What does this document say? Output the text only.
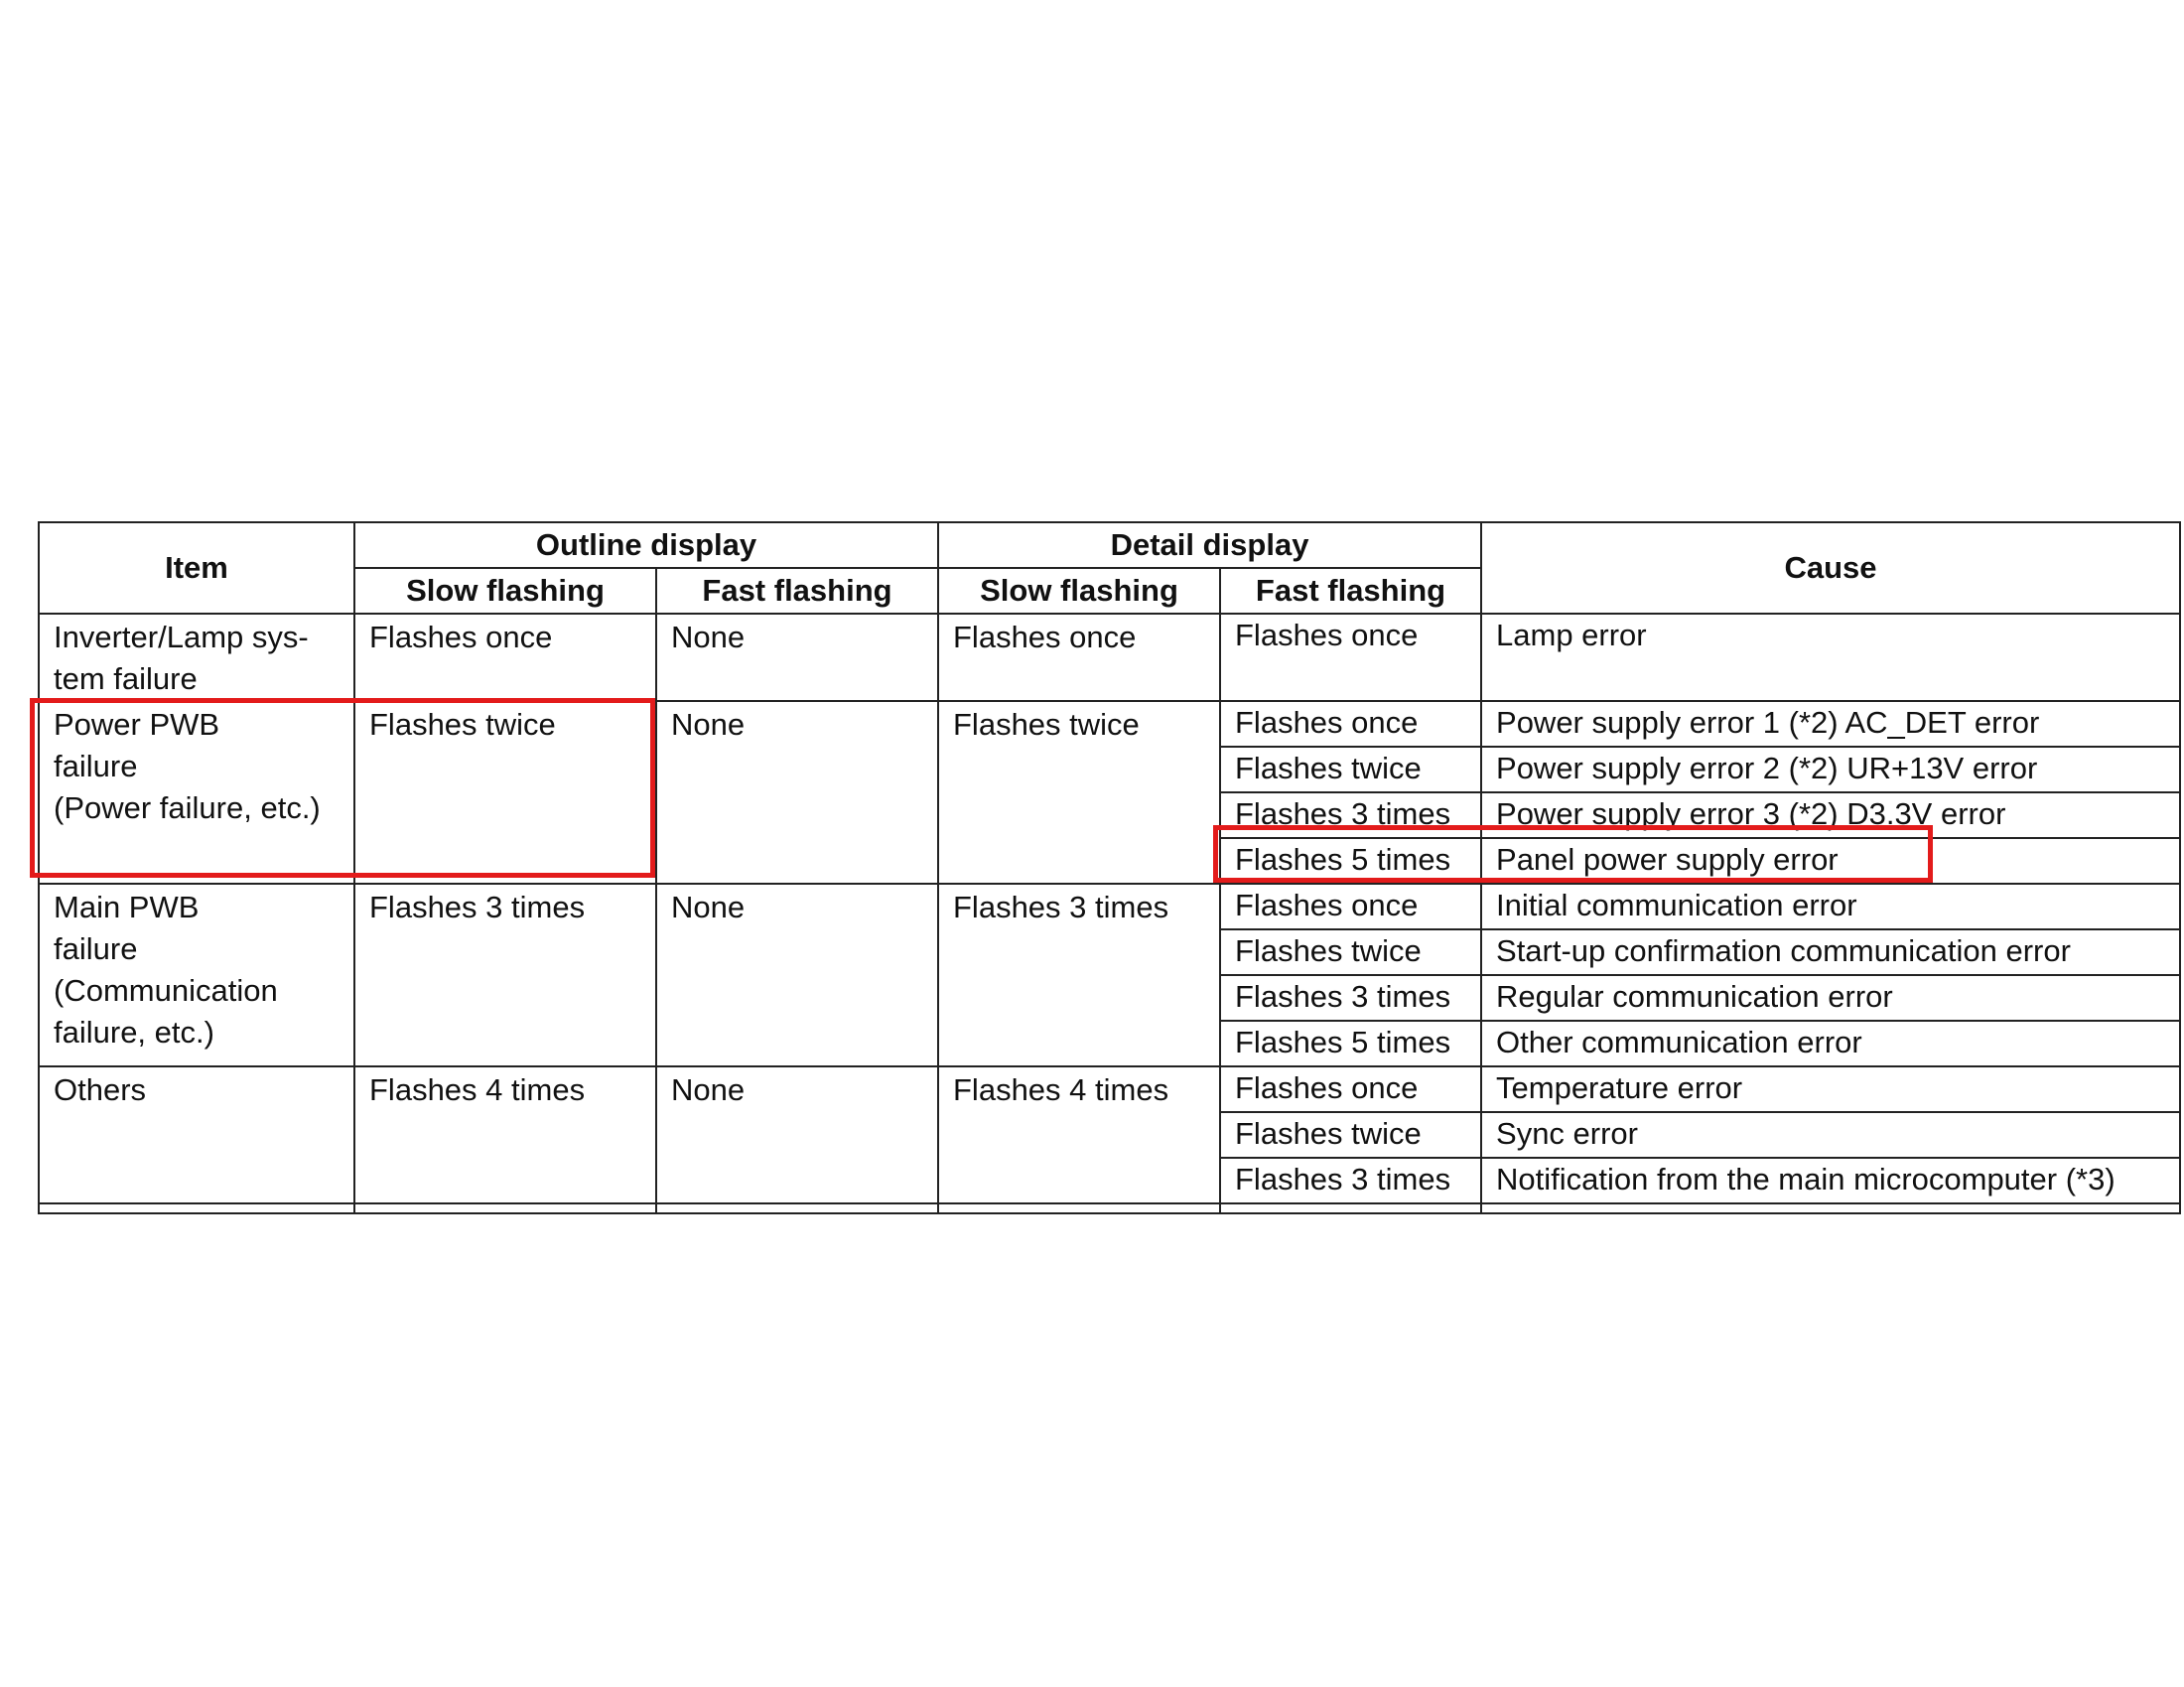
Item	Outline display		Detail display		Cause
	Slow flashing	Fast flashing	Slow flashing	Fast flashing	

Inverter/Lamp sys-
tem failure	Flashes once	None	Flashes once	Flashes once	Lamp error

Power PWB
failure
(Power failure, etc.)	Flashes twice	None	Flashes twice	Flashes once	Power supply error 1 (*2) AC_DET error
				Flashes twice	Power supply error 2 (*2) UR+13V error
				Flashes 3 times	Power supply error 3 (*2) D3.3V error
				Flashes 5 times	Panel power supply error

Main PWB
failure
(Communication
failure, etc.)	Flashes 3 times	None	Flashes 3 times	Flashes once	Initial communication error
				Flashes twice	Start-up confirmation communication error
				Flashes 3 times	Regular communication error
				Flashes 5 times	Other communication error

Others	Flashes 4 times	None	Flashes 4 times	Flashes once	Temperature error
				Flashes twice	Sync error
				Flashes 3 times	Notification from the main microcomputer (*3)
